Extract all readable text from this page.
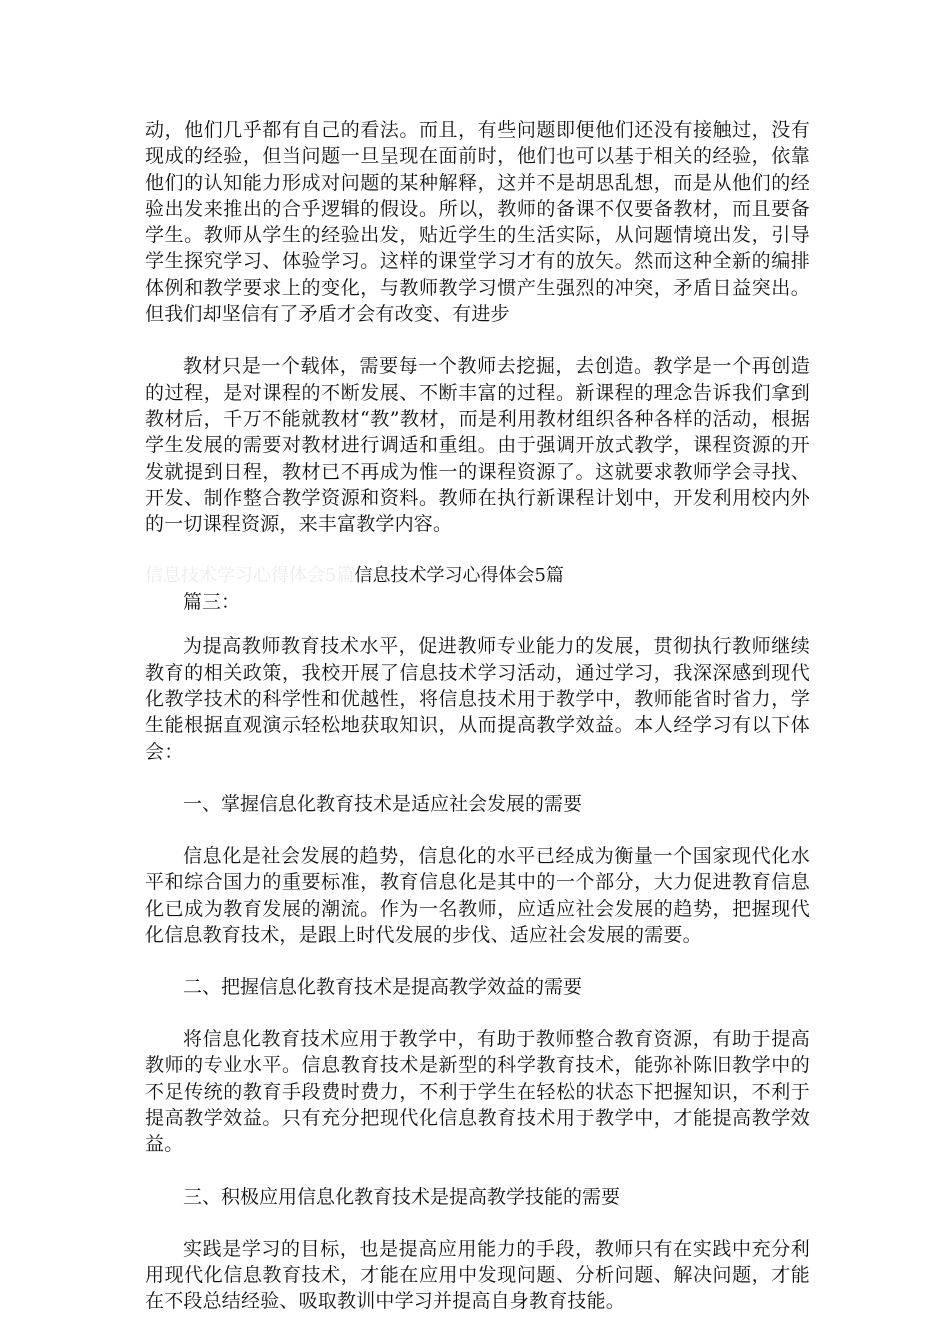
动，他们几乎都有自己的看法。而且，有些问题即便他们还没有接触过，没有现成的经验，但当问题一旦呈现在面前时，他们也可以基于相关的经验，依靠他们的认知能力形成对问题的某种解释，这并不是胡思乱想，而是从他们的经验出发来推出的合乎逻辑的假设。所以，教师的备课不仅要备教材，而且要备学生。教师从学生的经验出发，贴近学生的生活实际，从问题情境出发，引导学生探究学习、体验学习。这样的课堂学习才有的放矢。然而这种全新的编排体例和教学要求上的变化，与教师教学习惯产生强烈的冲突，矛盾日益突出。但我们却坚信有了矛盾才会有改变、有进步

教材只是一个载体，需要每一个教师去挖掘，去创造。教学是一个再创造的过程，是对课程的不断发展、不断丰富的过程。新课程的理念告诉我们拿到教材后，千万不能就教材“教”教材，而是利用教材组织各种各样的活动，根据学生发展的需要对教材进行调适和重组。由于强调开放式教学，课程资源的开发就提到日程，教材已不再成为惟一的课程资源了。这就要求教师学会寻找、开发、制作整合教学资源和资料。教师在执行新课程计划中，开发利用校内外的一切课程资源，来丰富教学内容。

信息技术学习心得体会5篇信息技术学习心得体会5篇

篇三：

为提高教师教育技术水平，促进教师专业能力的发展，贯彻执行教师继续教育的相关政策，我校开展了信息技术学习活动，通过学习，我深深感到现代化教学技术的科学性和优越性，将信息技术用于教学中，教师能省时省力，学生能根据直观演示轻松地获取知识，从而提高教学效益。本人经学习有以下体会：

一、掌握信息化教育技术是适应社会发展的需要

信息化是社会发展的趋势，信息化的水平已经成为衡量一个国家现代化水平和综合国力的重要标准，教育信息化是其中的一个部分，大力促进教育信息化已成为教育发展的潮流。作为一名教师，应适应社会发展的趋势，把握现代化信息教育技术，是跟上时代发展的步伐、适应社会发展的需要。

二、把握信息化教育技术是提高教学效益的需要

将信息化教育技术应用于教学中，有助于教师整合教育资源，有助于提高教师的专业水平。信息教育技术是新型的科学教育技术，能弥补陈旧教学中的不足传统的教育手段费时费力，不利于学生在轻松的状态下把握知识，不利于提高教学效益。只有充分把现代化信息教育技术用于教学中，才能提高教学效益。

三、积极应用信息化教育技术是提高教学技能的需要

实践是学习的目标，也是提高应用能力的手段，教师只有在实践中充分利用现代化信息教育技术，才能在应用中发现问题、分析问题、解决问题，才能在不段总结经验、吸取教训中学习并提高自身教育技能。
